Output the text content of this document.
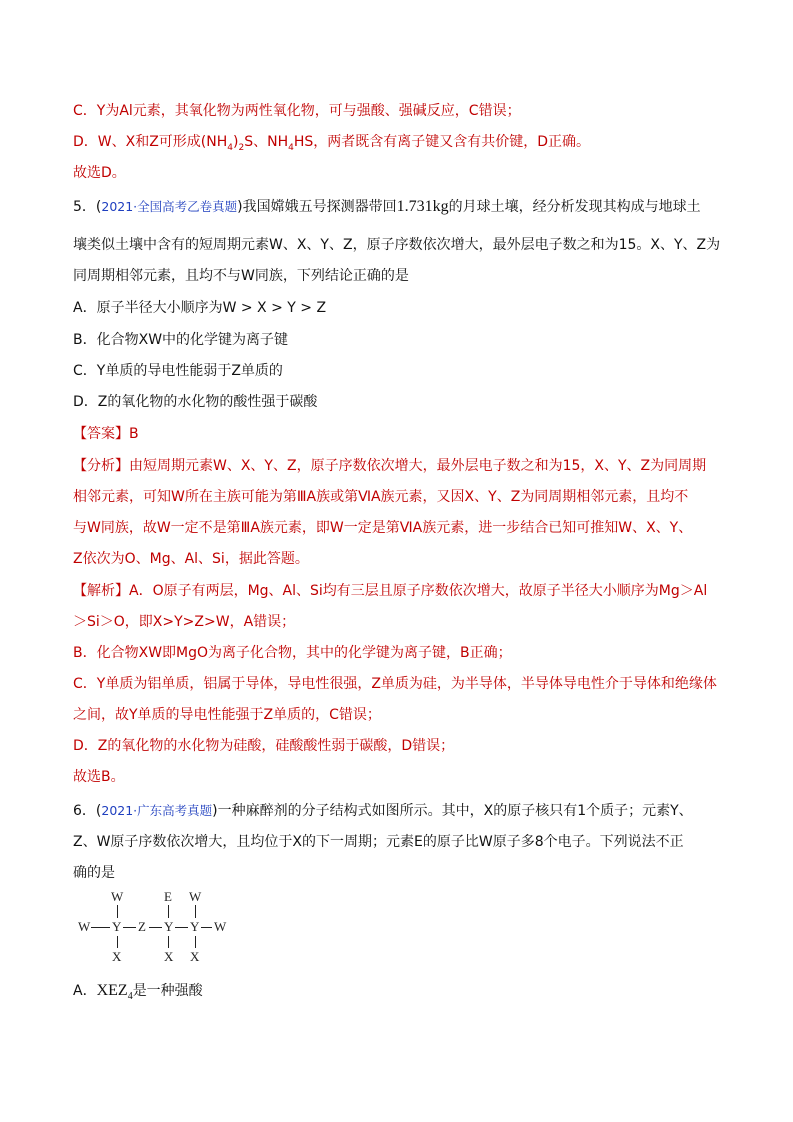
C．Y为Al元素，其氧化物为两性氧化物，可与强酸、强碱反应，C错误；
D．W、X和Z可形成$(NH_4)_2S$、$NH_4HS$，两者既含有离子键又含有共价键，D正确。
故选D。
5．(2021·全国高考乙卷真题)我国嫦娥五号探测器带回1.731kg的月球土壤，经分析发现其构成与地球土
壤类似土壤中含有的短周期元素W、X、Y、Z，原子序数依次增大，最外层电子数之和为15。X、Y、Z为
同周期相邻元素，且均不与W同族，下列结论正确的是
A．原子半径大小顺序为W > X > Y > Z
B．化合物XW中的化学键为离子键
C．Y单质的导电性能弱于Z单质的
D．Z的氧化物的水化物的酸性强于碳酸
【答案】B
【分析】由短周期元素W、X、Y、Z，原子序数依次增大，最外层电子数之和为15，X、Y、Z为同周期
相邻元素，可知W所在主族可能为第ⅢA族或第ⅥA族元素，又因X、Y、Z为同周期相邻元素，且均不
与W同族，故W一定不是第ⅢA族元素，即W一定是第ⅥA族元素，进一步结合已知可推知W、X、Y、
Z依次为O、Mg、Al、Si，据此答题。
【解析】A．O原子有两层，Mg、Al、Si均有三层且原子序数依次增大，故原子半径大小顺序为Mg＞Al
＞Si＞O，即X>Y>Z>W，A错误；
B．化合物XW即MgO为离子化合物，其中的化学键为离子键，B正确；
C．Y单质为铝单质，铝属于导体，导电性很强，Z单质为硅，为半导体，半导体导电性介于导体和绝缘体
之间，故Y单质的导电性能强于Z单质的，C错误；
D．Z的氧化物的水化物为硅酸，硅酸酸性弱于碳酸，D错误；
故选B。
6．(2021·广东高考真题)一种麻醉剂的分子结构式如图所示。其中，X的原子核只有1个质子；元素Y、
Z、W原子序数依次增大，且均位于X的下一周期；元素E的原子比W原子多8个电子。下列说法不正
确的是
W	E W
W Y Z Y Y W
X	X X
A．$XEZ_4$是一种强酸
